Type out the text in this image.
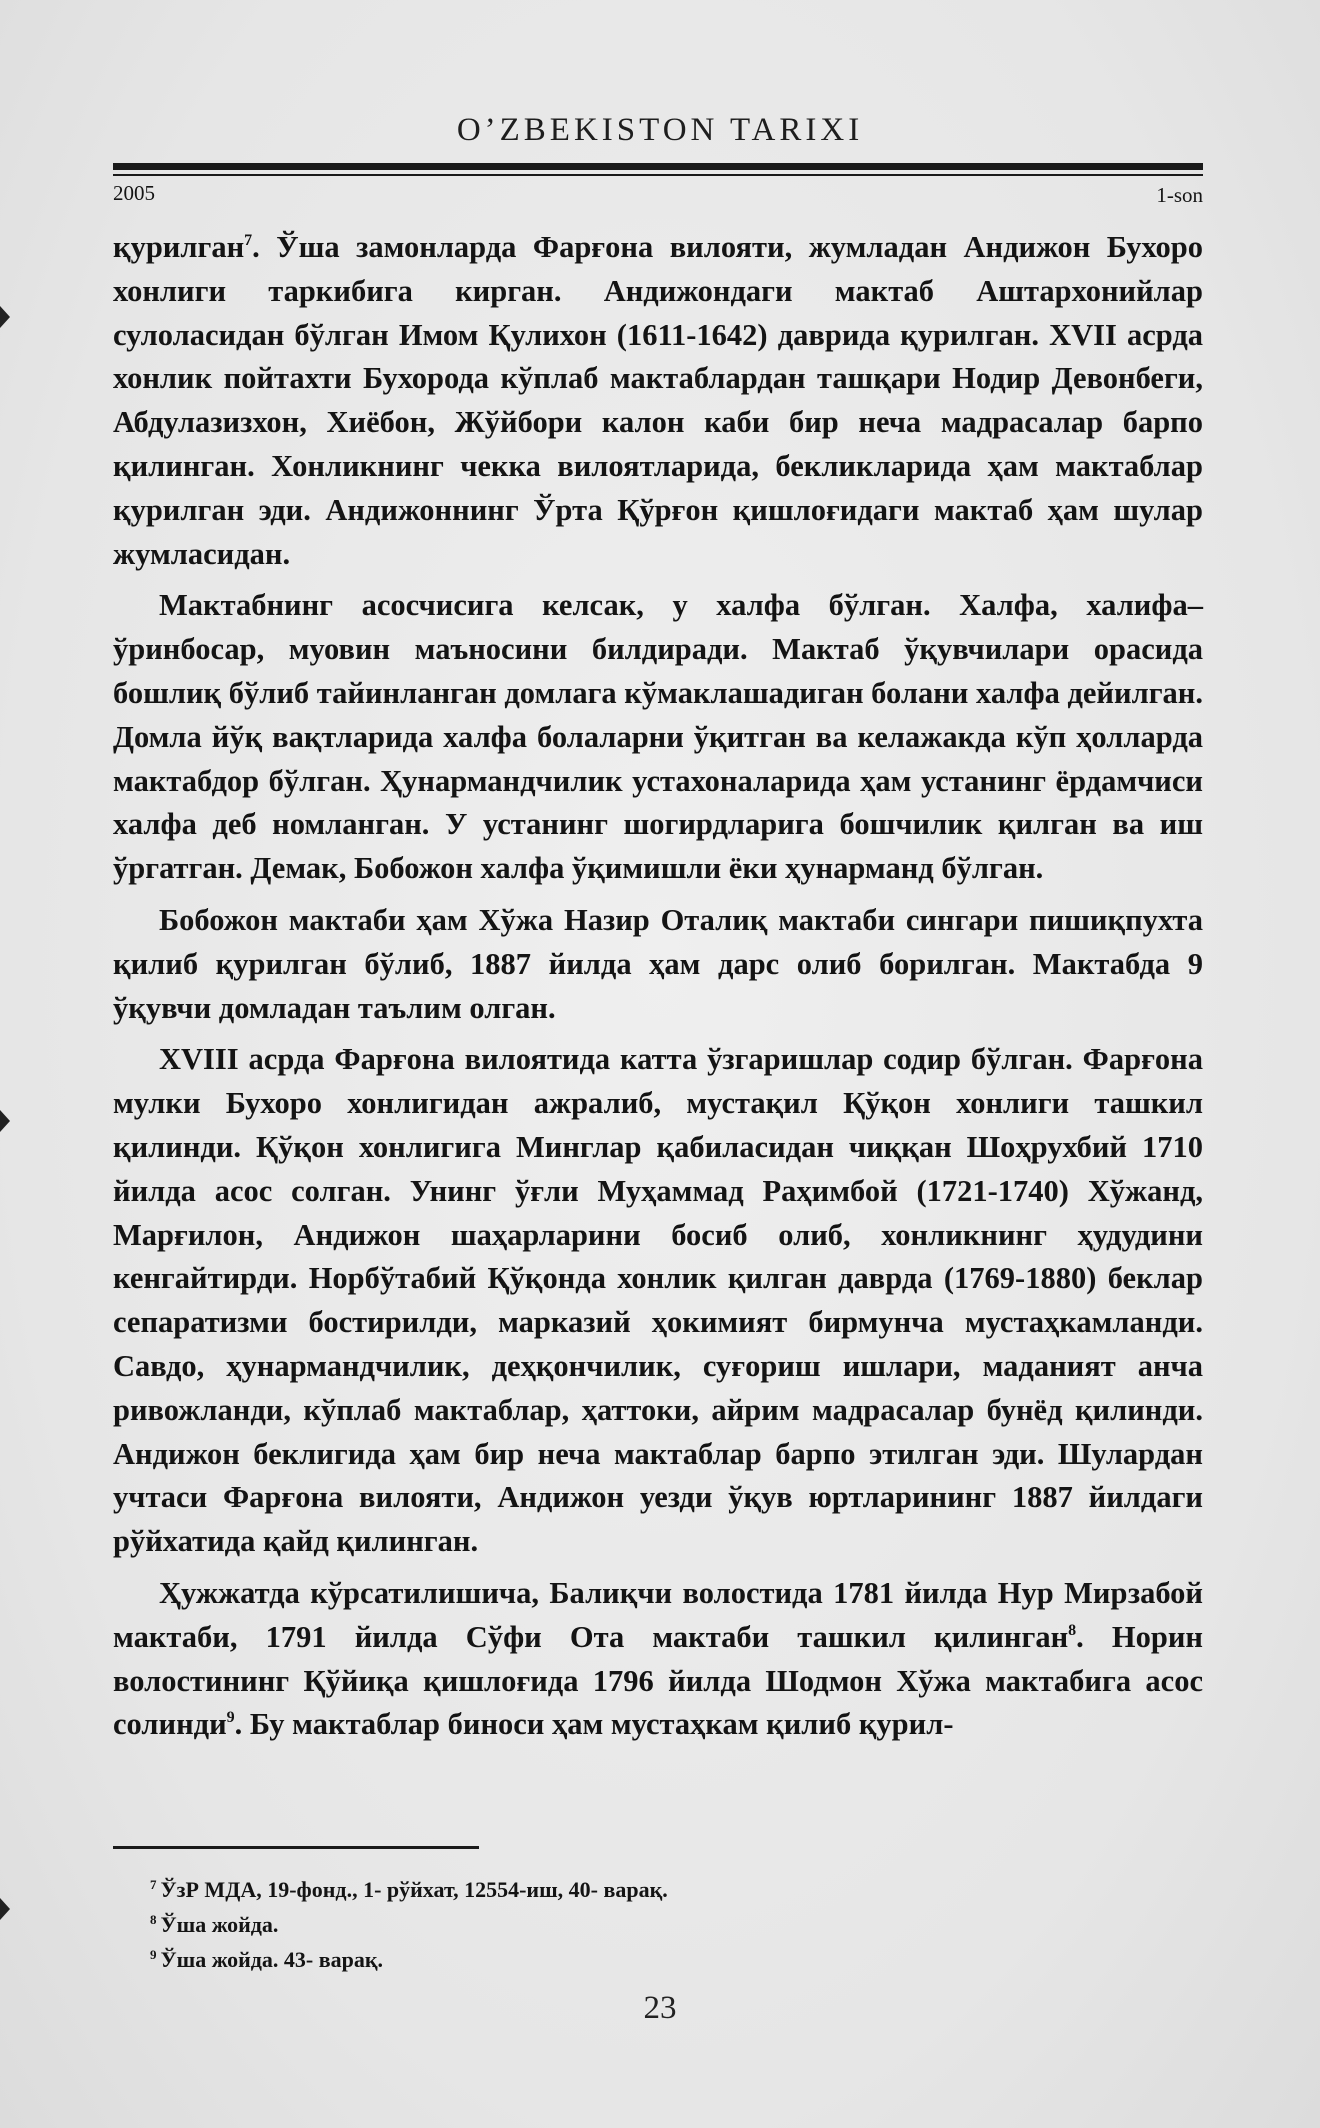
O’ZBEKISTON TARIXI
2005	1-son

қурилган$^7$. Ўша замонларда Фарғона вилояти, жумладан Андижон Бухоро хонлиги таркибига кирган. Андижондаги мактаб Аштархонийлар сулоласидан бўлган Имом Қулихон (1611-1642) даврида қурилган. XVII асрда хонлик пойтахти Бухорода кўплаб мактаблардан ташқари Нодир Девонбеги, Абдулазизхон, Хиёбон, Жўйбори калон каби бир неча мадрасалар барпо қилинган. Хонликнинг чекка вилоятларида, бекликларида ҳам мактаблар қурилган эди. Андижоннинг Ўрта Қўрғон қишлоғидаги мактаб ҳам шулар жумласидан.

Мактабнинг асосчисига келсак, у халфа бўлган. Халфа, халифа–ўринбосар, муовин маъносини билдиради. Мактаб ўқувчилари орасида бошлиқ бўлиб тайинланган домлага кўмаклашадиган болани халфа дейилган. Домла йўқ вақтларида халфа болаларни ўқитган ва келажакда кўп ҳолларда мактабдор бўлган. Ҳунармандчилик устахоналарида ҳам устанинг ёрдамчиси халфа деб номланган. У устанинг шогирдларига бошчилик қилган ва иш ўргатган. Демак, Бобожон халфа ўқимишли ёки ҳунарманд бўлган.

Бобожон мактаби ҳам Хўжа Назир Оталиқ мактаби сингари пишиқпухта қилиб қурилган бўлиб, 1887 йилда ҳам дарс олиб борилган. Мактабда 9 ўқувчи домладан таълим олган.

XVIII асрда Фарғона вилоятида катта ўзгаришлар содир бўлган. Фарғона мулки Бухоро хонлигидан ажралиб, мустақил Қўқон хонлиги ташкил қилинди. Қўқон хонлигига Минглар қабиласидан чиққан Шоҳрухбий 1710 йилда асос солган. Унинг ўғли Муҳаммад Раҳимбой (1721-1740) Хўжанд, Марғилон, Андижон шаҳарларини босиб олиб, хонликнинг ҳудудини кенгайтирди. Норбўтабий Қўқонда хонлик қилган даврда (1769-1880) беклар сепаратизми бостирилди, марказий ҳокимият бирмунча мустаҳкамланди. Савдо, ҳунармандчилик, деҳқончилик, суғориш ишлари, маданият анча ривожланди, кўплаб мактаблар, ҳаттоки, айрим мадрасалар бунёд қилинди. Андижон беклигида ҳам бир неча мактаблар барпо этилган эди. Шулардан учтаси Фарғона вилояти, Андижон уезди ўқув юртларининг 1887 йилдаги рўйхатида қайд қилинган.

Ҳужжатда кўрсатилишича, Балиқчи волостида 1781 йилда Нур Мирзабой мактаби, 1791 йилда Сўфи Ота мактаби ташкил қилинган$^8$. Норин волостининг Қўйиқа қишлоғида 1796 йилда Шодмон Хўжа мактабига асос солинди$^9$. Бу мактаблар биноси ҳам мустаҳкам қилиб қурил-

$^7$ ЎзР МДА, 19-фонд., 1- рўйхат, 12554-иш, 40- варақ.
$^8$ Ўша жойда.
$^9$ Ўша жойда. 43- варақ.
23
